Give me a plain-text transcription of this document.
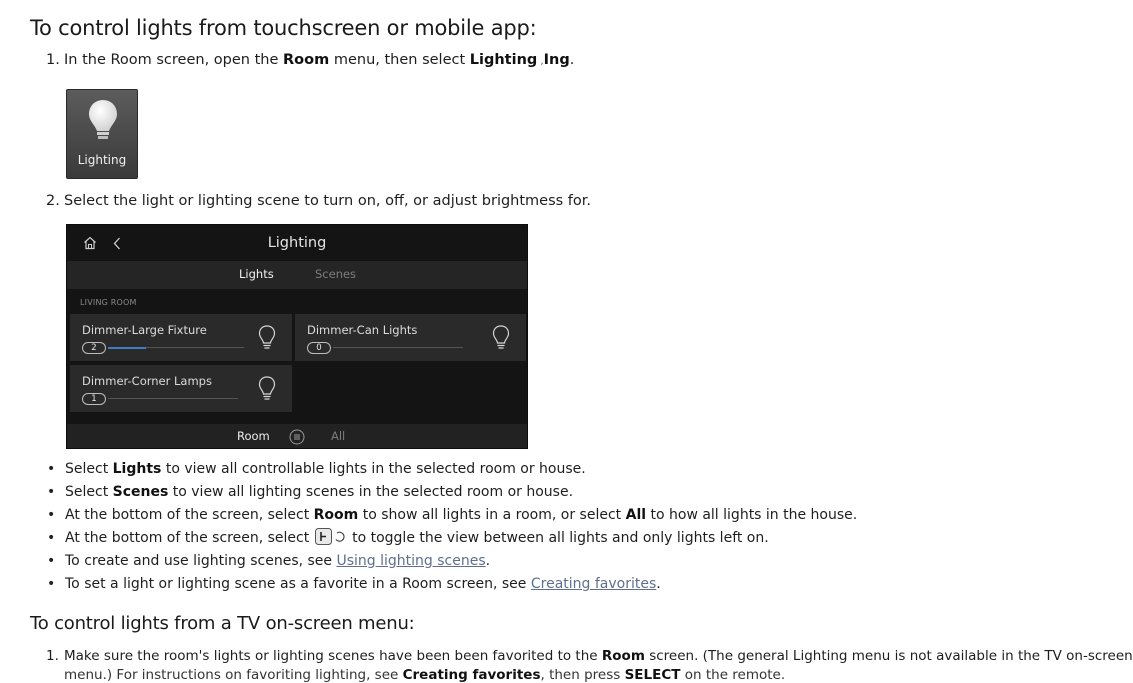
To control lights from touchscreen or mobile app:
1. In the Room screen, open the Room menu, then select Lighting ,Ing.
Lighting
2. Select the light or lighting scene to turn on, off, or adjust brightmess for.
Lighting
Lights	Scenes
LIVING ROOM
Dimmer-Large Fixture
2
Dimmer-Can Lights
0
Dimmer-Corner Lamps
1
Room	All
• Select Lights to view all controllable lights in the selected room or house.
• Select Scenes to view all lighting scenes in the selected room or house.
• At the bottom of the screen, select Room to show all lights in a room, or select All to how all lights in the house.
• At the bottom of the screen, select  to toggle the view between all lights and only lights left on.
• To create and use lighting scenes, see Using lighting scenes.
• To set a light or lighting scene as a favorite in a Room screen, see Creating favorites.
To control lights from a TV on-screen menu:
1. Make sure the room's lights or lighting scenes have been been favorited to the Room screen. (The general Lighting menu is not available in the TV on-screen
menu.) For instructions on favoriting lighting, see Creating favorites, then press SELECT on the remote.
